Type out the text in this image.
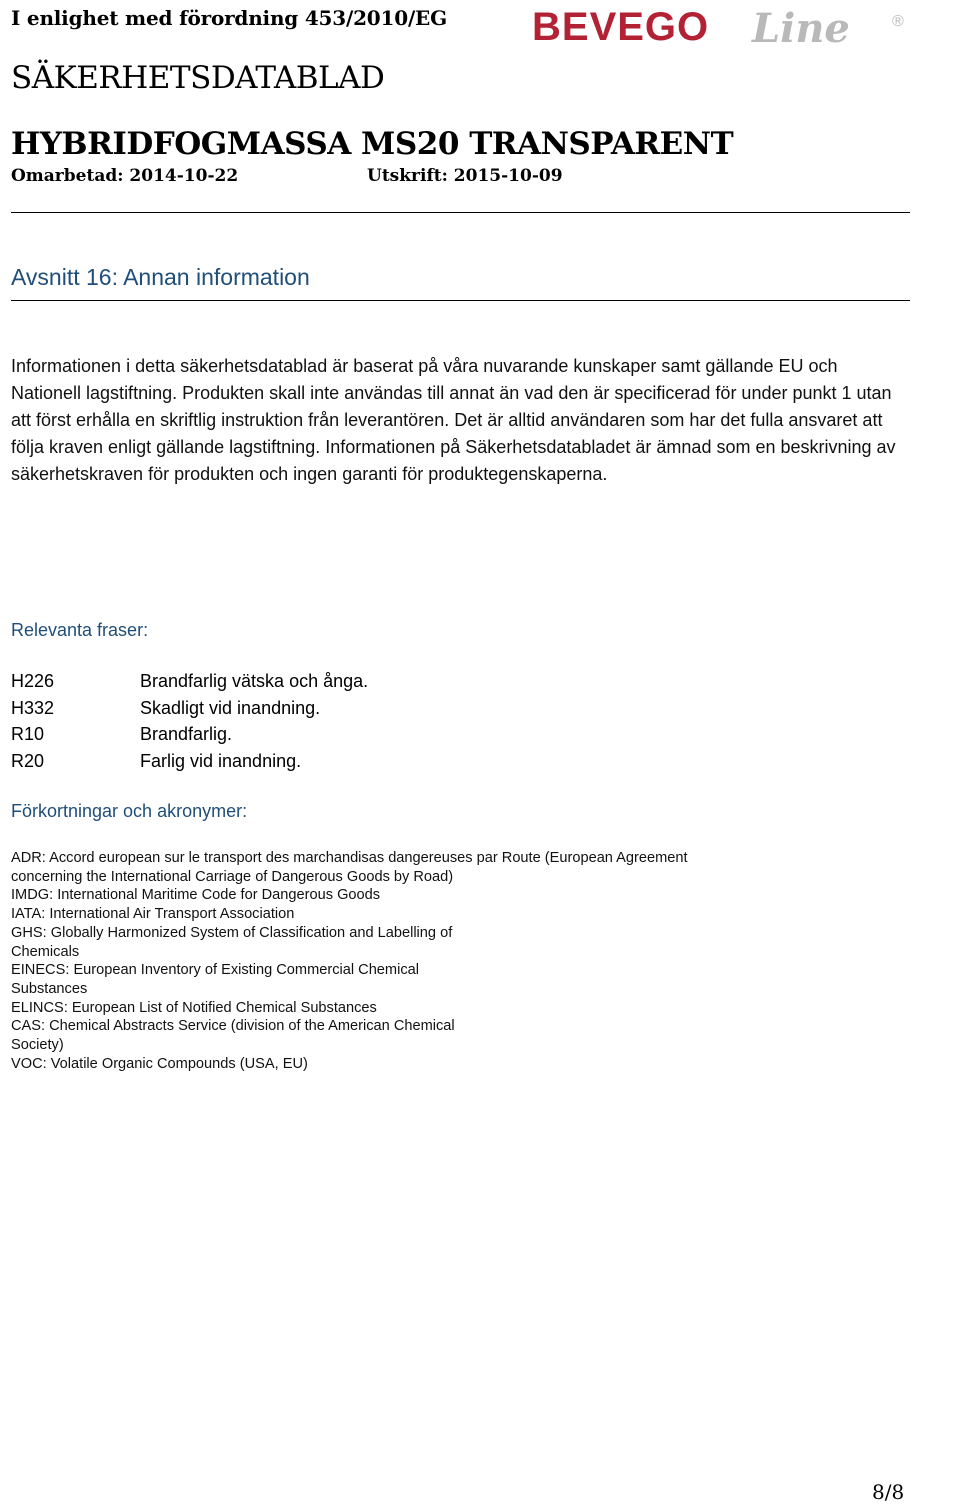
I enlighet med förordning 453/2010/EG BEVEGO Line	®
SÄKERHETSDATABLAD
HYBRIDFOGMASSA MS20 TRANSPARENT
Omarbetad: 2014-10-22	Utskrift: 2015-10-09
Avsnitt 16: Annan information
Informationen i detta säkerhetsdatablad är baserat på våra nuvarande kunskaper samt gällande EU och Nationell lagstiftning. Produkten skall inte användas till annat än vad den är specificerad för under punkt 1 utan att först erhålla en skriftlig instruktion från leverantören. Det är alltid användaren som har det fulla ansvaret att följa kraven enligt gällande lagstiftning. Informationen på Säkerhetsdatabladet är ämnad som en beskrivning av säkerhetskraven för produkten och ingen garanti för produktegenskaperna.
Relevanta fraser:
H226	Brandfarlig vätska och ånga.
H332	Skadligt vid inandning.
R10	Brandfarlig.
R20	Farlig vid inandning.
Förkortningar och akronymer:
ADR: Accord european sur le transport des marchandisas dangereuses par Route (European Agreement
concerning the International Carriage of Dangerous Goods by Road)
IMDG: International Maritime Code for Dangerous Goods
IATA: International Air Transport Association
GHS: Globally Harmonized System of Classification and Labelling of
Chemicals
EINECS: European Inventory of Existing Commercial Chemical
Substances
ELINCS: European List of Notified Chemical Substances
CAS: Chemical Abstracts Service (division of the American Chemical
Society)
VOC: Volatile Organic Compounds (USA, EU)
8/8
